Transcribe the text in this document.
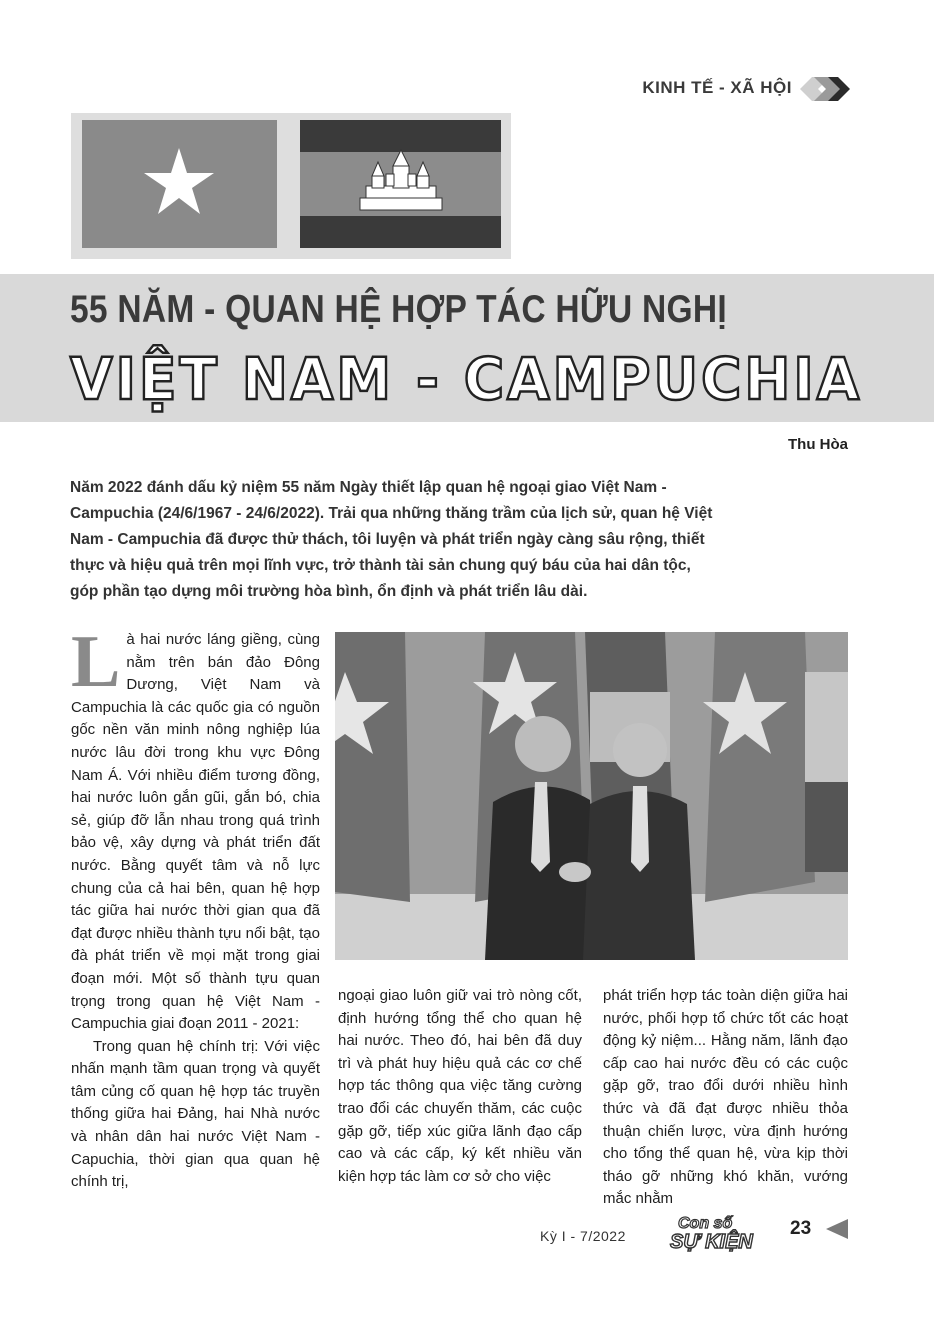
KINH TẾ - XÃ HỘI
55 NĂM - QUAN HỆ HỢP TÁC HỮU NGHỊ
VIỆT NAM - CAMPUCHIA
Thu Hòa
Năm 2022 đánh dấu kỷ niệm 55 năm Ngày thiết lập quan hệ ngoại giao Việt Nam - Campuchia (24/6/1967 - 24/6/2022). Trải qua những thăng trầm của lịch sử, quan hệ Việt Nam - Campuchia đã được thử thách, tôi luyện và phát triển ngày càng sâu rộng, thiết thực và hiệu quả trên mọi lĩnh vực, trở thành tài sản chung quý báu của hai dân tộc, góp phần tạo dựng môi trường hòa bình, ổn định và phát triển lâu dài.

Là hai nước láng giềng, cùng nằm trên bán đảo Đông Dương, Việt Nam và Campuchia là các quốc gia có nguồn gốc nền văn minh nông nghiệp lúa nước lâu đời trong khu vực Đông Nam Á. Với nhiều điểm tương đồng, hai nước luôn gắn gũi, gắn bó, chia sẻ, giúp đỡ lẫn nhau trong quá trình bảo vệ, xây dựng và phát triển đất nước. Bằng quyết tâm và nỗ lực chung của cả hai bên, quan hệ hợp tác giữa hai nước thời gian qua đã đạt được nhiều thành tựu nổi bật, tạo đà phát triển về mọi mặt trong giai đoạn mới. Một số thành tựu quan trọng trong quan hệ Việt Nam - Campuchia giai đoạn 2011 - 2021:

Trong quan hệ chính trị: Với việc nhấn mạnh tầm quan trọng và quyết tâm củng cố quan hệ hợp tác truyền thống giữa hai Đảng, hai Nhà nước và nhân dân hai nước Việt Nam - Capuchia, thời gian qua quan hệ chính trị,

ngoại giao luôn giữ vai trò nòng cốt, định hướng tổng thể cho quan hệ hai nước. Theo đó, hai bên đã duy trì và phát huy hiệu quả các cơ chế hợp tác thông qua việc tăng cường trao đổi các chuyến thăm, các cuộc gặp gỡ, tiếp xúc giữa lãnh đạo cấp cao và các cấp, ký kết nhiều văn kiện hợp tác làm cơ sở cho việc

phát triển hợp tác toàn diện giữa hai nước, phối hợp tổ chức tốt các hoạt động kỷ niệm... Hằng năm, lãnh đạo cấp cao hai nước đều có các cuộc gặp gỡ, trao đổi dưới nhiều hình thức và đã đạt được nhiều thỏa thuận chiến lược, vừa định hướng cho tổng thể quan hệ, vừa kịp thời tháo gỡ những khó khăn, vướng mắc nhằm

Kỳ I - 7/2022
Con số
SỰ KIỆN
23
